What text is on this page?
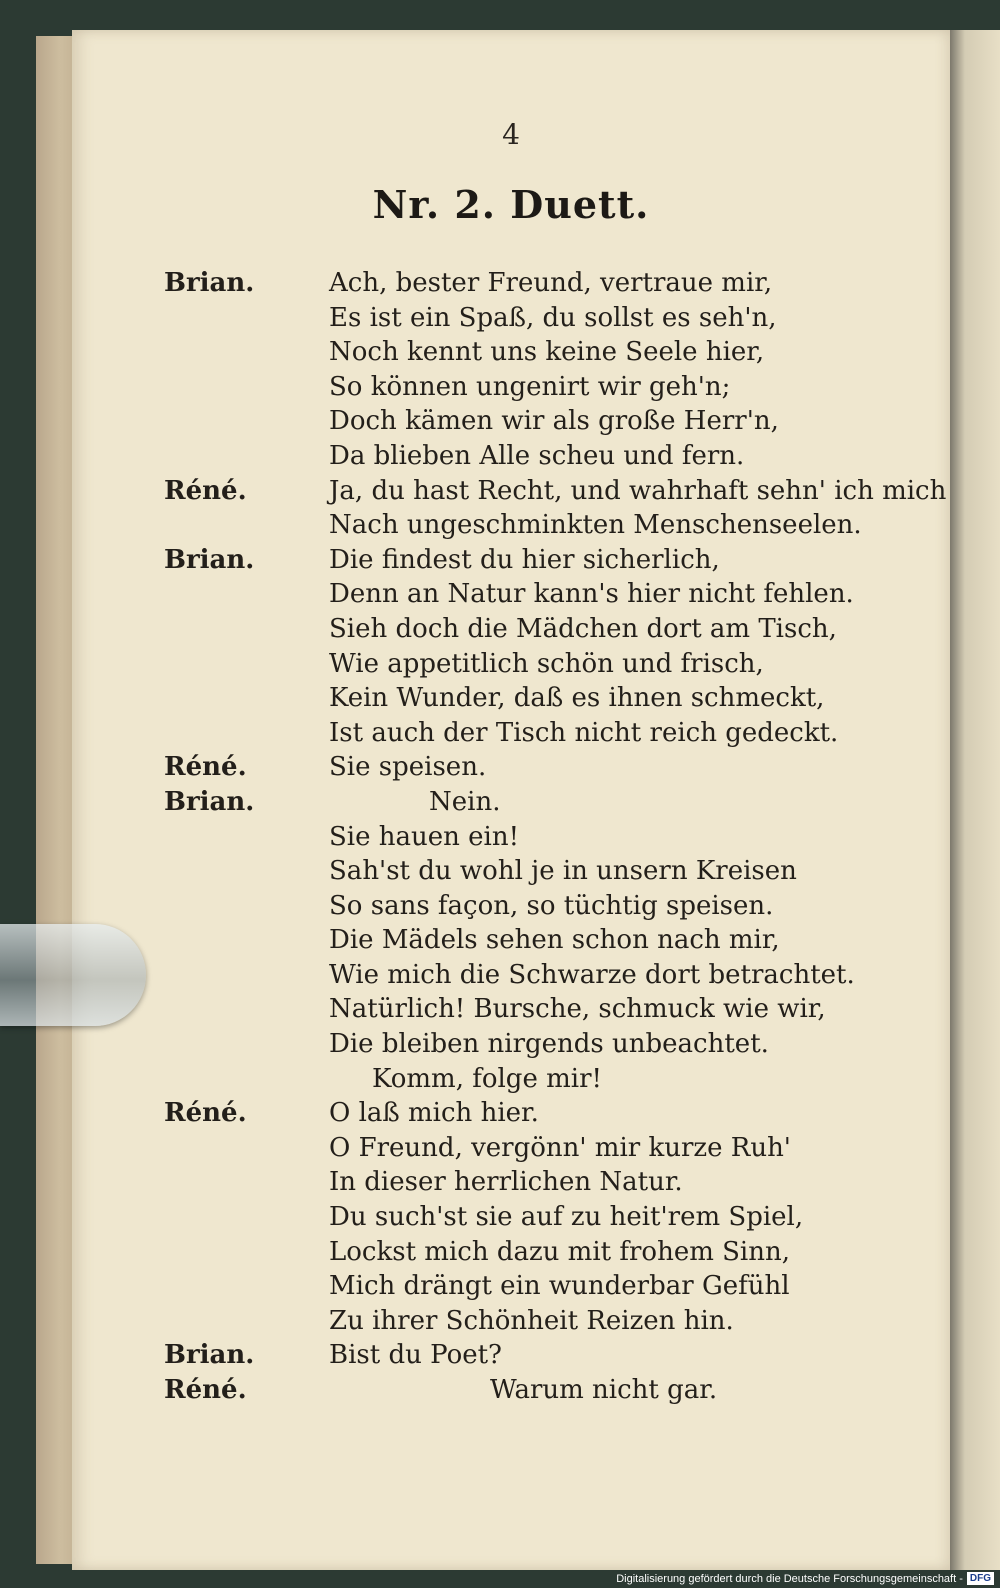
4
Nr. 2. Duett.
Brian.	Ach, bester Freund, vertraue mir,
Es ist ein Spaß, du sollst es seh'n,
Noch kennt uns keine Seele hier,
So können ungenirt wir geh'n;
Doch kämen wir als große Herr'n,
Da blieben Alle scheu und fern.
Réné.	Ja, du hast Recht, und wahrhaft sehn' ich mich
Nach ungeschminkten Menschenseelen.
Brian.	Die findest du hier sicherlich,
Denn an Natur kann's hier nicht fehlen.
Sieh doch die Mädchen dort am Tisch,
Wie appetitlich schön und frisch,
Kein Wunder, daß es ihnen schmeckt,
Ist auch der Tisch nicht reich gedeckt.
Réné.	Sie speisen.
Brian.	Nein.
Sie hauen ein!
Sah'st du wohl je in unsern Kreisen
So sans façon, so tüchtig speisen.
Die Mädels sehen schon nach mir,
Wie mich die Schwarze dort betrachtet.
Natürlich! Bursche, schmuck wie wir,
Die bleiben nirgends unbeachtet.
Komm, folge mir!
Réné.	O laß mich hier.
O Freund, vergönn' mir kurze Ruh'
In dieser herrlichen Natur.
Du such'st sie auf zu heit'rem Spiel,
Lockst mich dazu mit frohem Sinn,
Mich drängt ein wunderbar Gefühl
Zu ihrer Schönheit Reizen hin.
Brian.	Bist du Poet?
Réné.	Warum nicht gar.
Digitalisierung gefördert durch die Deutsche Forschungsgemeinschaft - DFG
